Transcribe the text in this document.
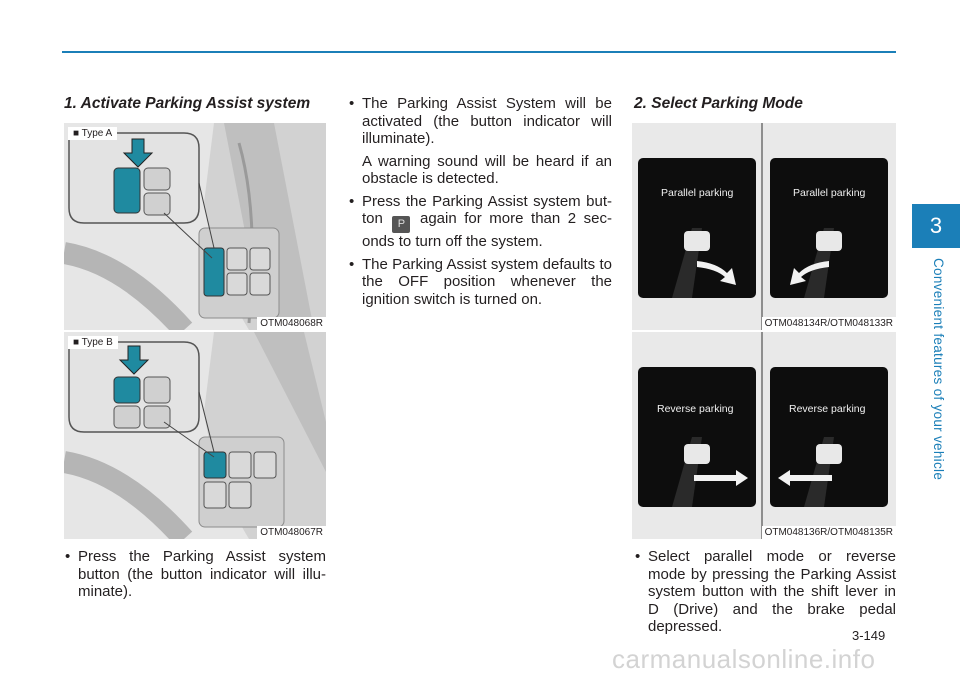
3
Convenient features of your vehicle
1. Activate Parking Assist system
■ Type A
OTM048068R
■ Type B
OTM048067R
• Press the Parking Assist system button (the button indicator will illu-minate).
• The Parking Assist System will be activated (the button indicator will illuminate).

A warning sound will be heard if an obstacle is detected.

• Press the Parking Assist system but-ton P again for more than 2 sec-onds to turn off the system.
• The Parking Assist system defaults to the OFF position whenever the ignition switch is turned on.
2. Select Parking Mode
Parallel parking	Parallel parking
OTM048134R/OTM048133R
Reverse parking	Reverse parking
OTM048136R/OTM048135R
• Select parallel mode or reverse mode by pressing the Parking Assist system button with the shift lever in D (Drive) and the brake pedal depressed.
3-149
carmanualsonline.info
